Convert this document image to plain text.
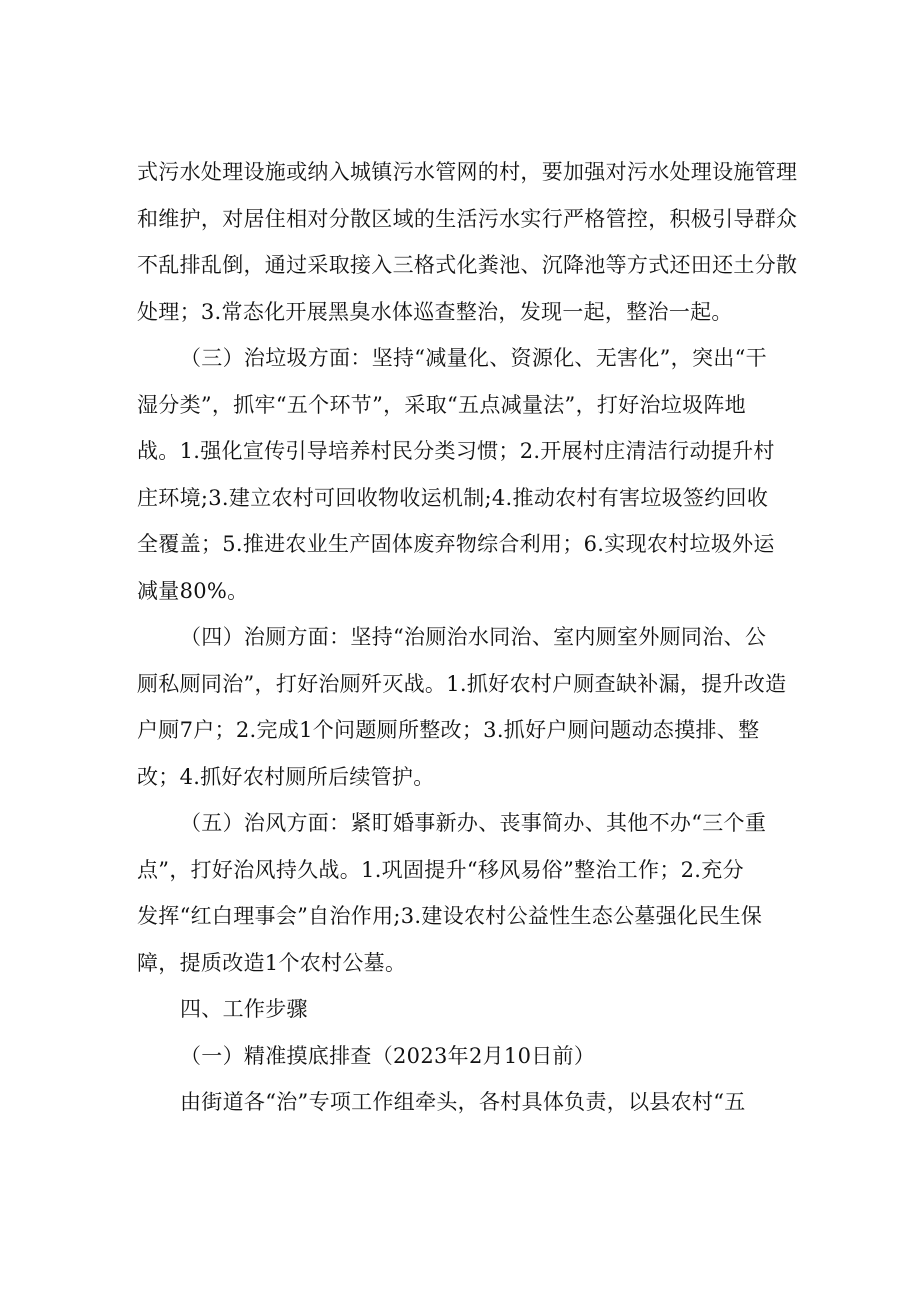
式污水处理设施或纳入城镇污水管网的村，要加强对污水处理设施管理
和维护，对居住相对分散区域的生活污水实行严格管控，积极引导群众
不乱排乱倒，通过采取接入三格式化粪池、沉降池等方式还田还土分散
处理；3.常态化开展黑臭水体巡查整治，发现一起，整治一起。
（三）治垃圾方面：坚持“减量化、资源化、无害化”，突出“干
湿分类”，抓牢“五个环节”，采取“五点减量法”，打好治垃圾阵地
战。1.强化宣传引导培养村民分类习惯；2.开展村庄清洁行动提升村
庄环境;3.建立农村可回收物收运机制;4.推动农村有害垃圾签约回收
全覆盖；5.推进农业生产固体废弃物综合利用；6.实现农村垃圾外运
减量80%。
（四）治厕方面：坚持“治厕治水同治、室内厕室外厕同治、公
厕私厕同治”，打好治厕歼灭战。1.抓好农村户厕查缺补漏，提升改造
户厕7户；2.完成1个问题厕所整改；3.抓好户厕问题动态摸排、整
改；4.抓好农村厕所后续管护。
（五）治风方面：紧盯婚事新办、丧事简办、其他不办“三个重
点”，打好治风持久战。1.巩固提升“移风易俗”整治工作；2.充分
发挥“红白理事会”自治作用;3.建设农村公益性生态公墓强化民生保
障，提质改造1个农村公墓。
四、工作步骤
（一）精准摸底排查（2023年2月10日前）
由街道各“治”专项工作组牵头，各村具体负责，以县农村“五
